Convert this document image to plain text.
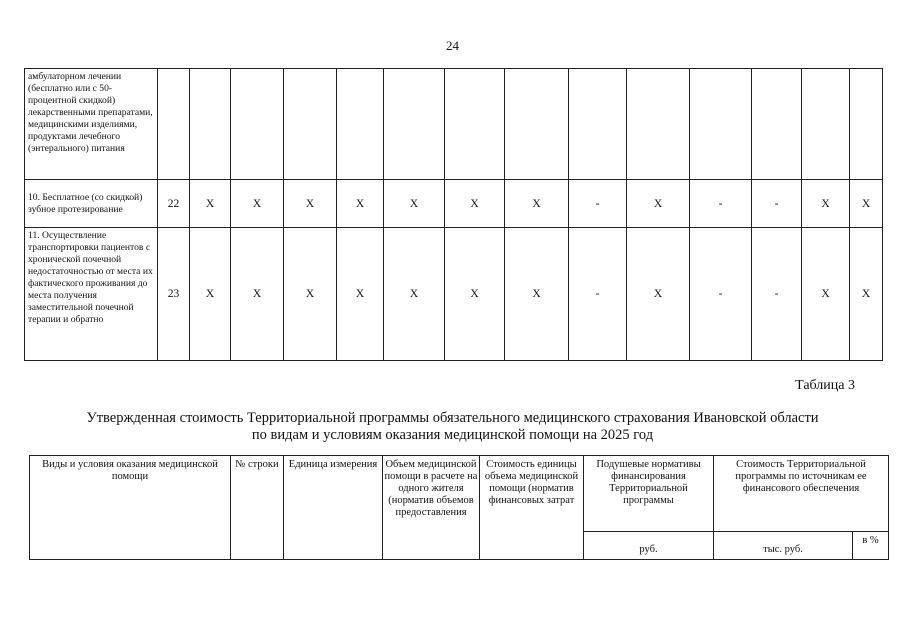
24
амбулаторном лечении (бесплатно или с 50-процентной скидкой) лекарственными препаратами, медицинскими изделиями, продуктами лечебного (энтерального) питания														
10. Бесплатное (со скидкой) зубное протезирование	22	Х	Х	Х	Х	Х	Х	Х	-	Х	-	-	Х	Х
11. Осуществление транспортировки пациентов с хронической почечной недостаточностью от места их фактического проживания до места получения заместительной почечной терапии и обратно	23	Х	Х	Х	Х	Х	Х	Х	-	Х	-	-	Х	Х
Таблица 3
Утвержденная стоимость Территориальной программы обязательного медицинского страхования Ивановской области
по видам и условиям оказания медицинской помощи на 2025 год
Виды и условия оказания медицинской помощи	№ строки	Единица измерения	Объем медицинской помощи в расчете на одного жителя (норматив объемов предоставления	Стоимость единицы объема медицинской помощи (норматив финансовых затрат	Подушевые нормативы финансирования Территориальной программы	Стоимость Территориальной программы по источникам ее финансового обеспечения	
					руб.	тыс. руб.	в %
